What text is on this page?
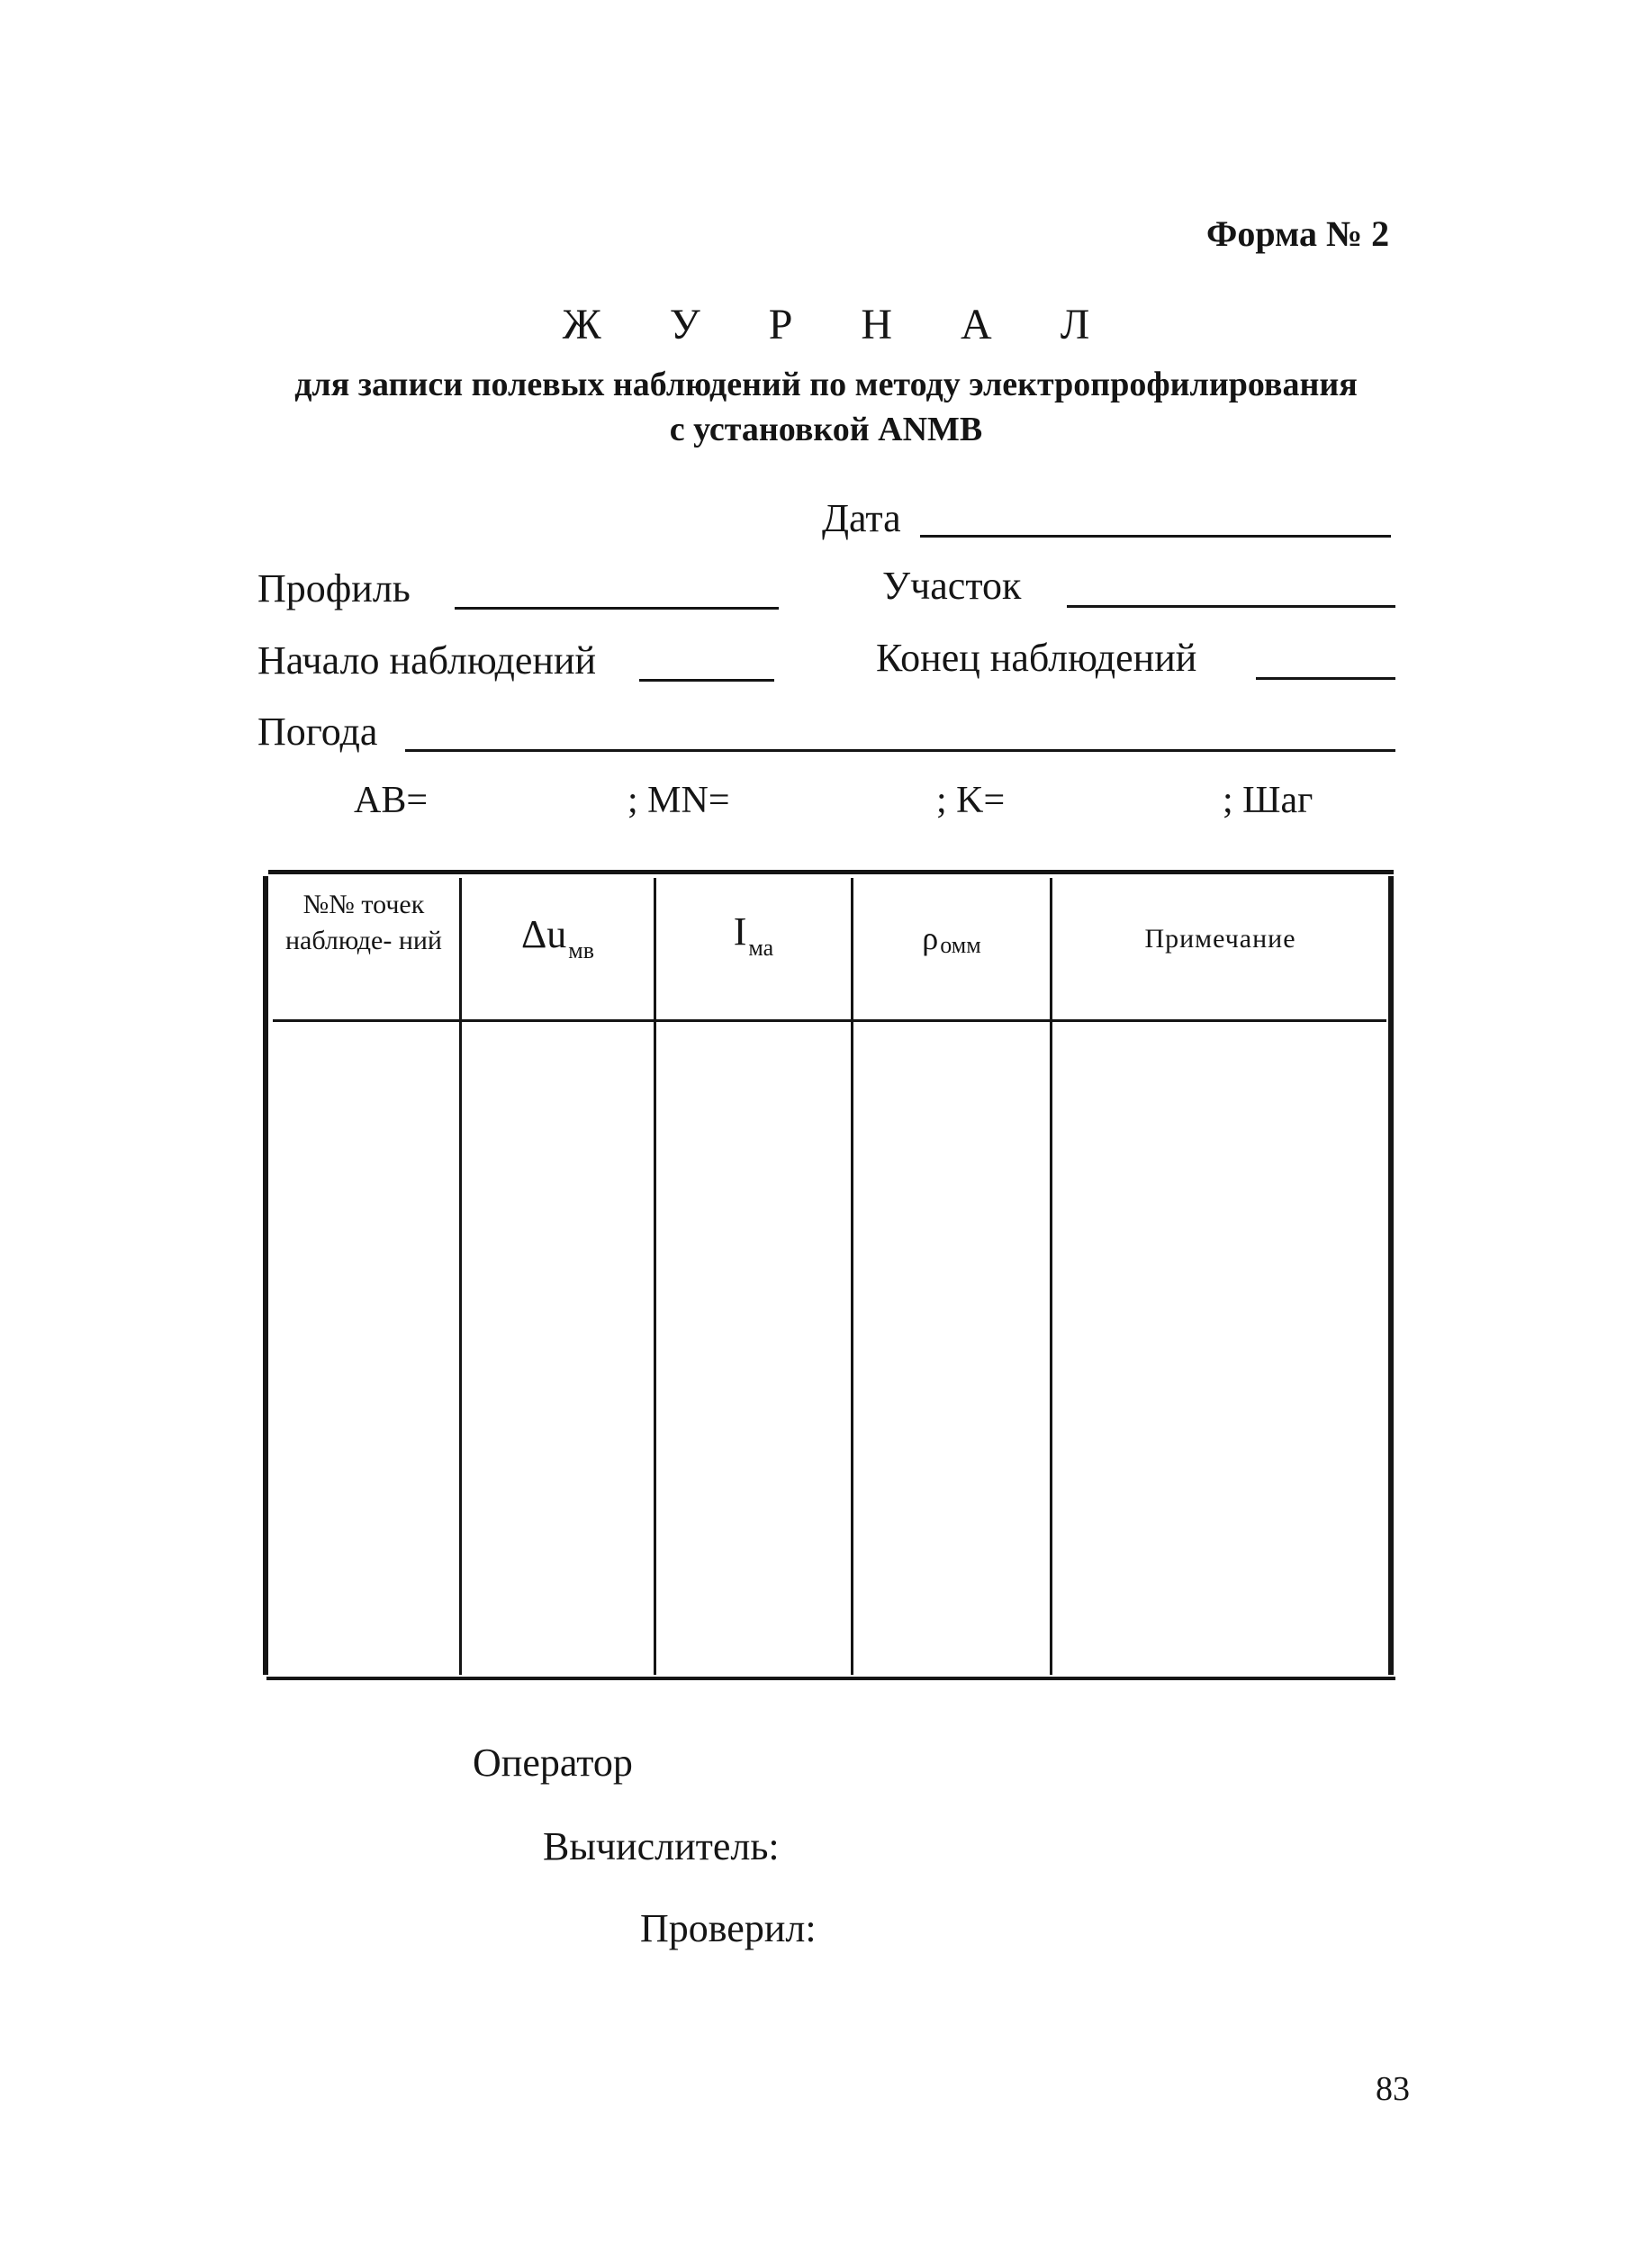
Форма № 2
Ж У Р Н А Л
для записи полевых наблюдений по методу электропрофилирования
с установкой ANMB
Дата
Профиль	Участок
Начало наблюдений	Конец наблюдений
Погода
AB=	; MN=	; K=	; Шаг
№№ точек наблюде- ний	Δuмв	Iма	ρомм	Примечание
Оператор
Вычислитель:
Проверил:
83
